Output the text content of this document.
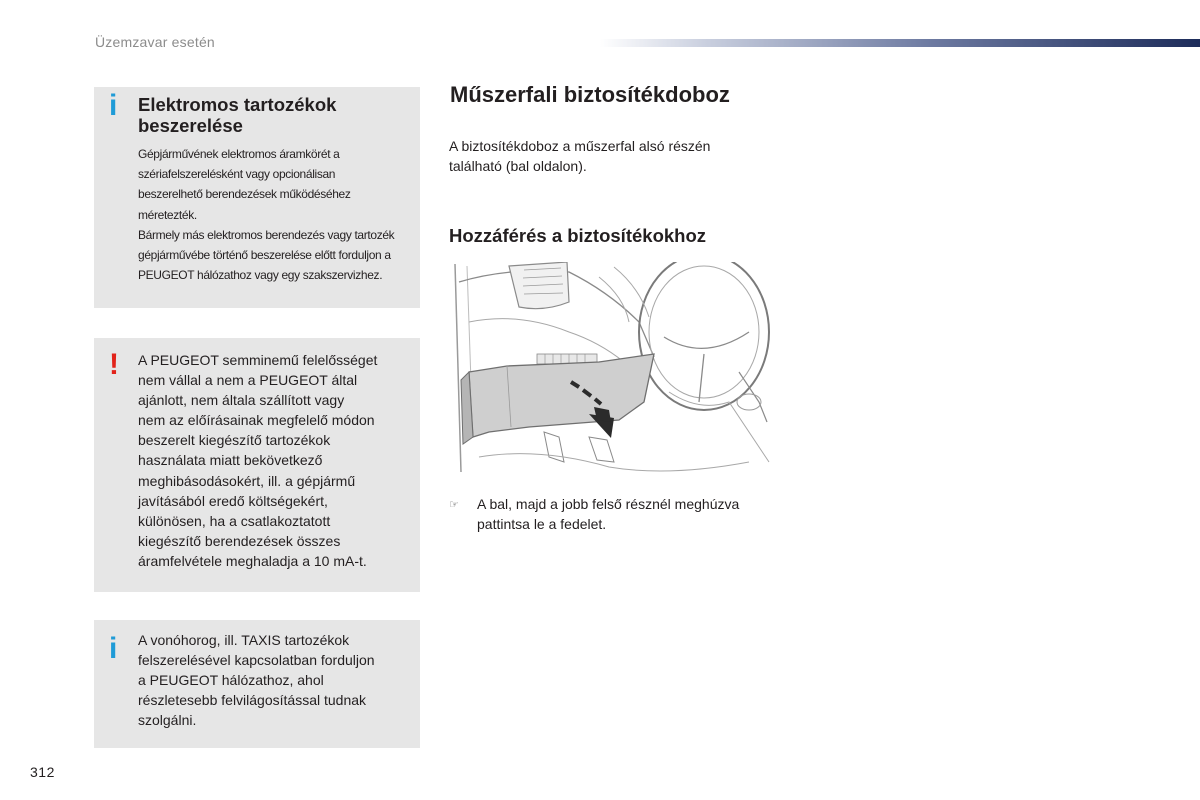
Üzemzavar esetén
i Elektromos tartozékok beszerelése
Gépjárművének elektromos áramkörét a
szériafelszerelésként vagy opcionálisan
beszerelhető berendezések működéséhez
méretezték.
Bármely más elektromos berendezés vagy tartozék
gépjárművébe történő beszerelése előtt forduljon a
PEUGEOT hálózathoz vagy egy szakszervizhez.
! A PEUGEOT semminemű felelősséget
nem vállal a nem a PEUGEOT által
ajánlott, nem általa szállított vagy
nem az előírásainak megfelelő módon
beszerelt kiegészítő tartozékok
használata miatt bekövetkező
meghibásodásokért, ill. a gépjármű
javításából eredő költségekért,
különösen, ha a csatlakoztatott
kiegészítő berendezések összes
áramfelvétele meghaladja a 10 mA-t.
i A vonóhorog, ill. TAXIS tartozékok
felszerelésével kapcsolatban forduljon
a PEUGEOT hálózathoz, ahol
részletesebb felvilágosítással tudnak
szolgálni.
Műszerfali biztosítékdoboz
A biztosítékdoboz a műszerfal alsó részén
található (bal oldalon).
Hozzáférés a biztosítékokhoz
☞ A bal, majd a jobb felső résznél meghúzva
pattintsa le a fedelet.
312
